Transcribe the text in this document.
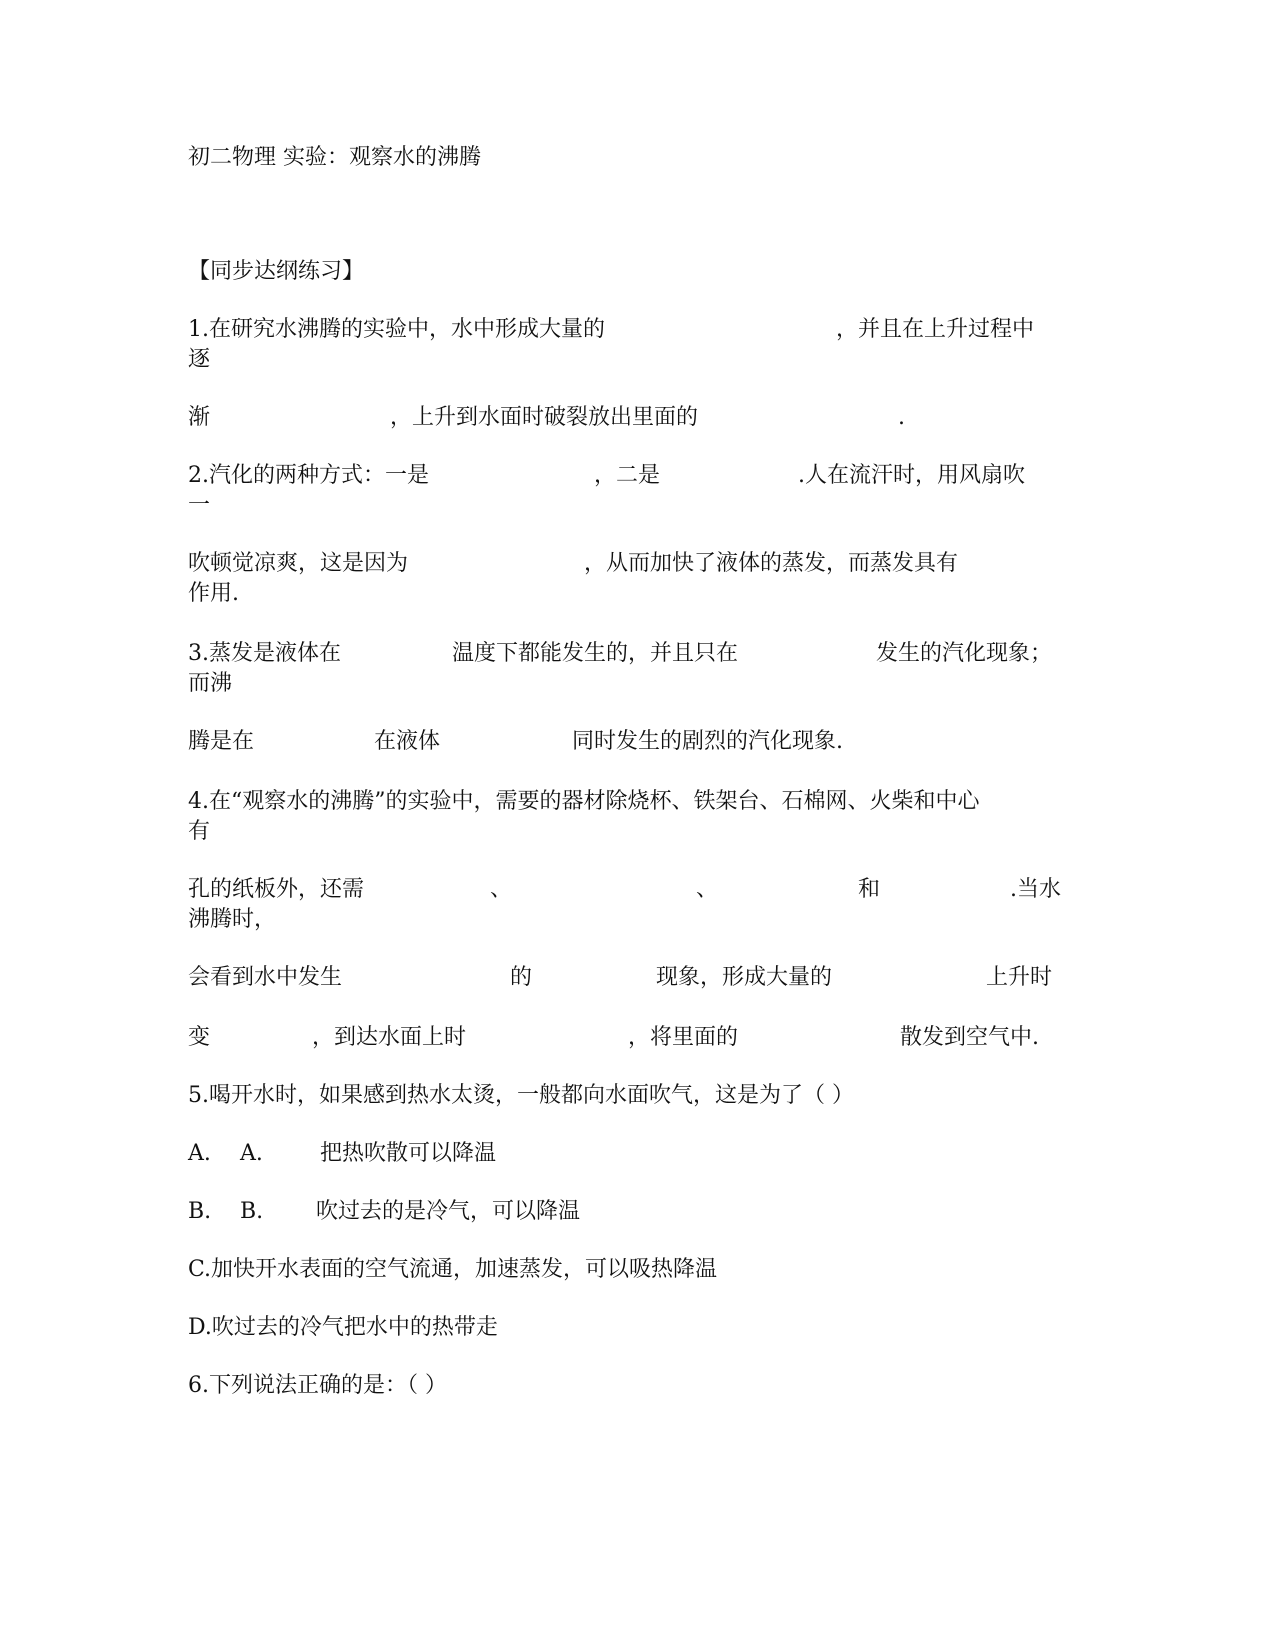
初二物理 实验：观察水的沸腾
【同步达纲练习】
1.在研究水沸腾的实验中，水中形成大量的	，并且在上升过程中
逐
渐	，上升到水面时破裂放出里面的	.
2.汽化的两种方式：一是	，二是	.人在流汗时，用风扇吹
一
吹顿觉凉爽，这是因为	，从而加快了液体的蒸发，而蒸发具有
作用.
3.蒸发是液体在	温度下都能发生的，并且只在	发生的汽化现象；
而沸
腾是在	在液体	同时发生的剧烈的汽化现象.
4.在“观察水的沸腾”的实验中，需要的器材除烧杯、铁架台、石棉网、火柴和中心
有
孔的纸板外，还需	、	、	和	.当水
沸腾时，
会看到水中发生	的	现象，形成大量的	上升时
变	，到达水面上时	，将里面的	散发到空气中.
5.喝开水时，如果感到热水太烫，一般都向水面吹气，这是为了（ ）
A. A.	把热吹散可以降温
B. B. 吹过去的是冷气，可以降温
C.加快开水表面的空气流通，加速蒸发，可以吸热降温
D.吹过去的冷气把水中的热带走
6.下列说法正确的是：（ ）
